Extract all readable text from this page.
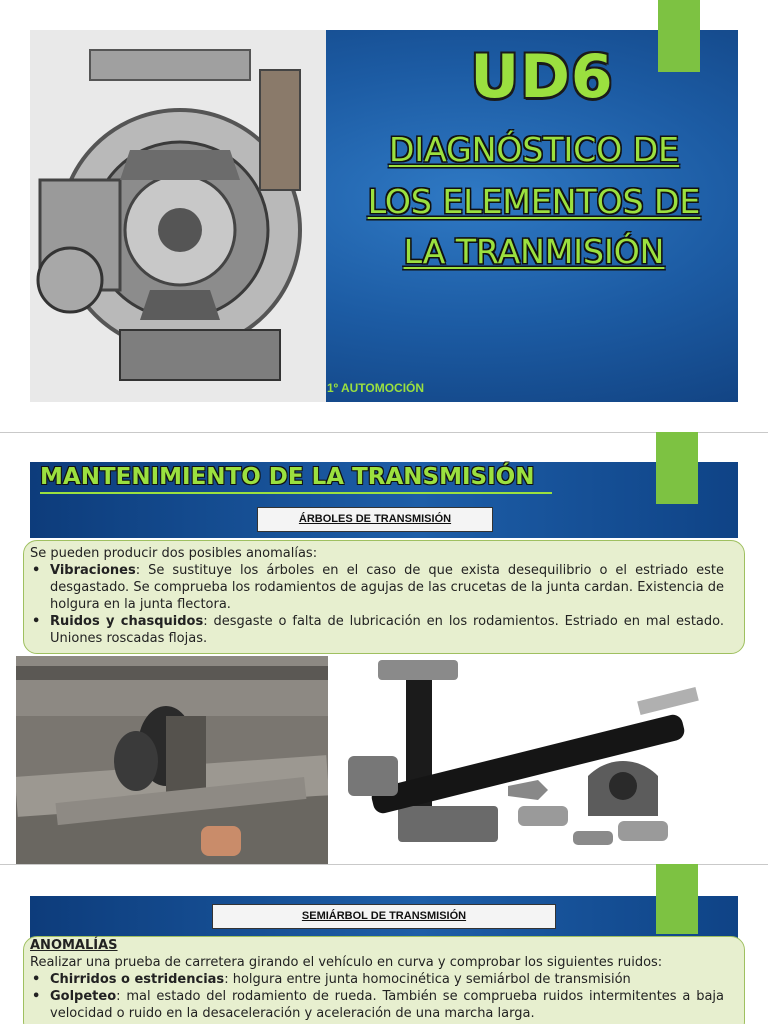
UD6
DIAGNÓSTICO DE
LOS ELEMENTOS DE
LA TRANMISIÓN
1º AUTOMOCIÓN
MANTENIMIENTO DE LA TRANSMISIÓN
ÁRBOLES DE TRANSMISIÓN
Se pueden producir dos posibles anomalías:
• Vibraciones: Se sustituye los árboles en el caso de que exista desequilibrio o el estriado este desgastado. Se comprueba los rodamientos de agujas de las crucetas de la junta cardan. Existencia de holgura en la junta flectora.
• Ruidos y chasquidos: desgaste o falta de lubricación en los rodamientos. Estriado en mal estado. Uniones roscadas flojas.
SEMIÁRBOL DE TRANSMISIÓN
ANOMALÍAS
Realizar una prueba de carretera girando el vehículo en curva y comprobar los siguientes ruidos:
• Chirridos o estridencias: holgura entre junta homocinética y semiárbol de transmisión
• Golpeteo: mal estado del rodamiento de rueda. También se comprueba ruidos intermitentes a baja velocidad o ruido en la desaceleración y aceleración de una marcha larga.
